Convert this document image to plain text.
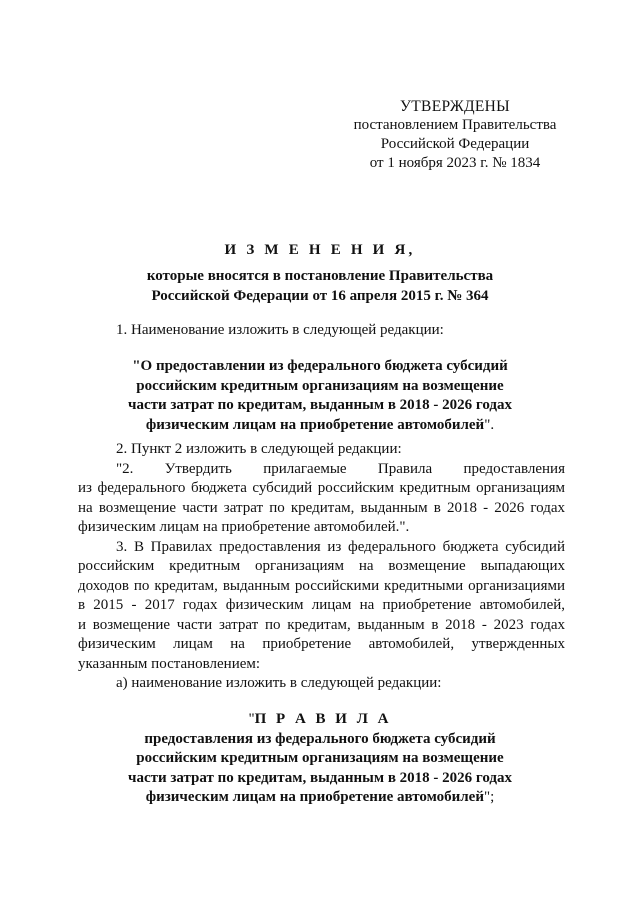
УТВЕРЖДЕНЫ
постановлением Правительства
Российской Федерации
от 1 ноября 2023 г. № 1834
И З М Е Н Е Н И Я,
которые вносятся в постановление Правительства
Российской Федерации от 16 апреля 2015 г. № 364
1. Наименование изложить в следующей редакции:
"О предоставлении из федерального бюджета субсидий
российским кредитным организациям на возмещение
части затрат по кредитам, выданным в 2018 - 2026 годах
физическим лицам на приобретение автомобилей".
2. Пункт 2 изложить в следующей редакции:
"2. Утвердить прилагаемые Правила предоставления
из федерального бюджета субсидий российским кредитным организациям
на возмещение части затрат по кредитам, выданным в 2018 - 2026 годах
физическим лицам на приобретение автомобилей.".
3. В Правилах предоставления из федерального бюджета субсидий
российским кредитным организациям на возмещение выпадающих
доходов по кредитам, выданным российскими кредитными организациями
в 2015 - 2017 годах физическим лицам на приобретение автомобилей,
и возмещение части затрат по кредитам, выданным в 2018 - 2023 годах
физическим лицам на приобретение автомобилей, утвержденных
указанным постановлением:
а) наименование изложить в следующей редакции:
"П Р А В И Л А
предоставления из федерального бюджета субсидий
российским кредитным организациям на возмещение
части затрат по кредитам, выданным в 2018 - 2026 годах
физическим лицам на приобретение автомобилей";
